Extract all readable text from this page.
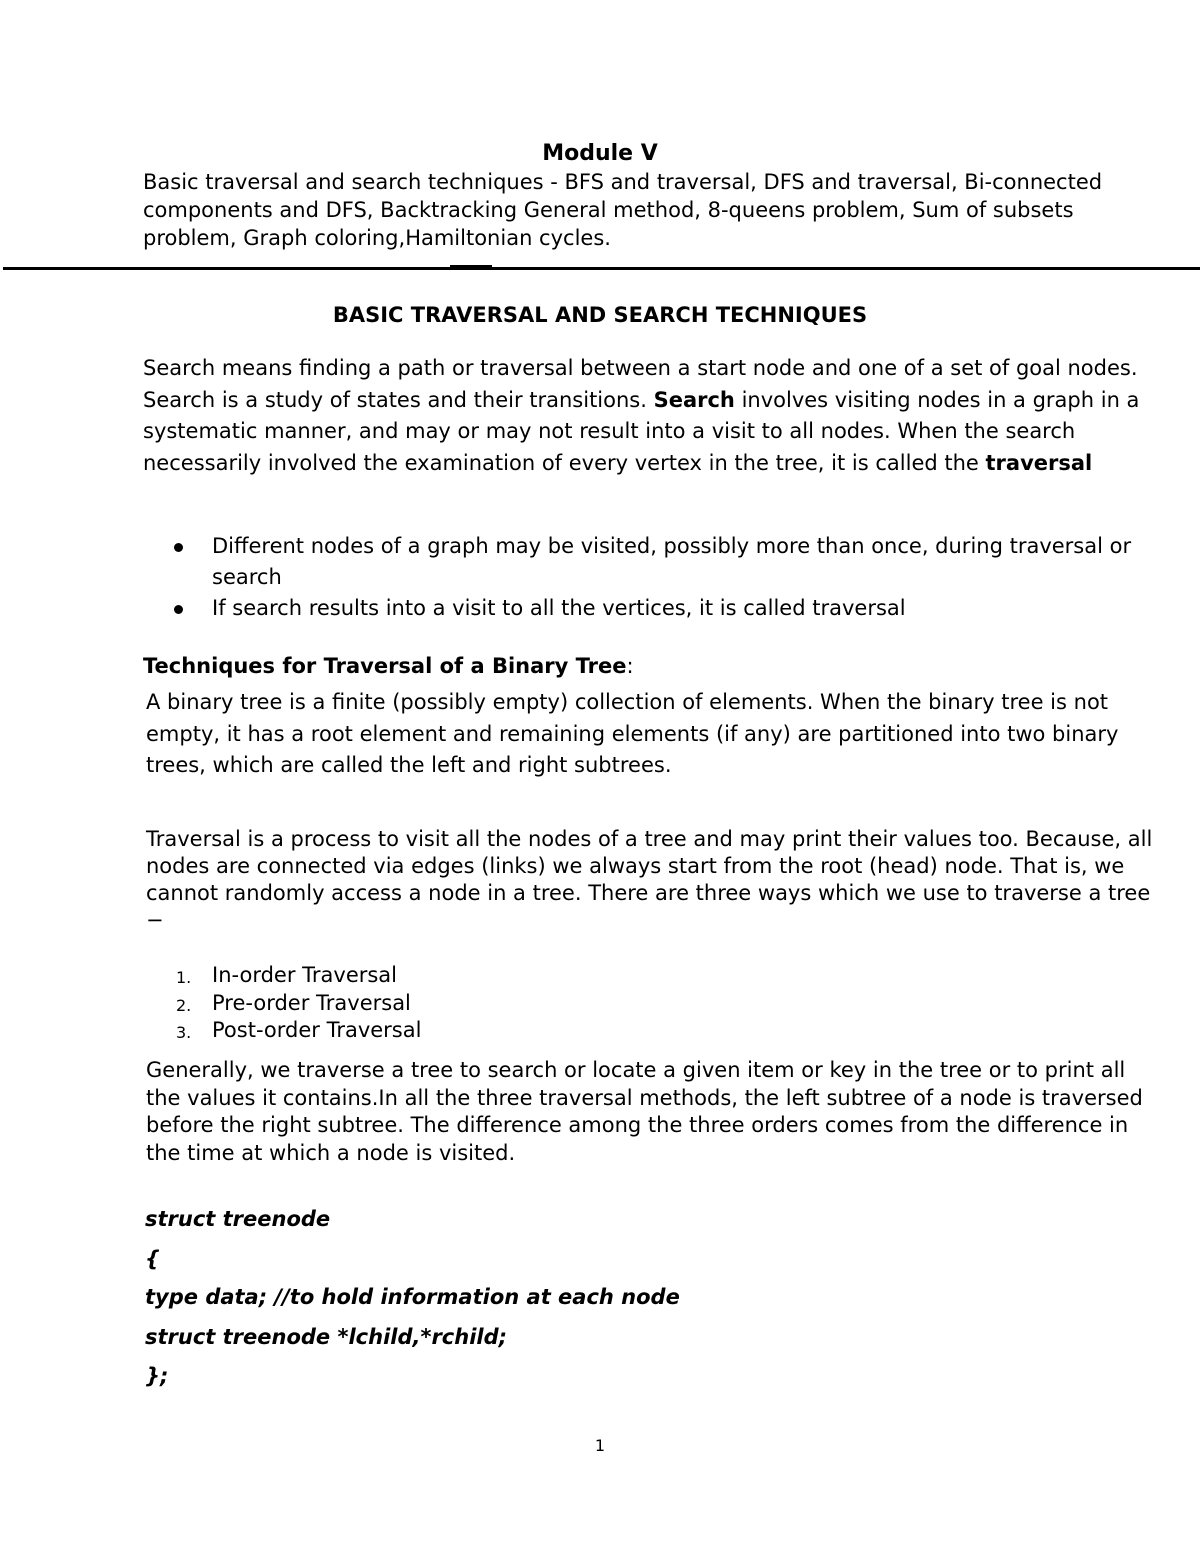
Module V

Basic traversal and search techniques - BFS and traversal, DFS and traversal, Bi-connected components and DFS, Backtracking General method, 8-queens problem, Sum of subsets problem, Graph coloring,Hamiltonian cycles.

BASIC TRAVERSAL AND SEARCH TECHNIQUES

Search means finding a path or traversal between a start node and one of a set of goal nodes. Search is a study of states and their transitions. Search involves visiting nodes in a graph in a systematic manner, and may or may not result into a visit to all nodes. When the search necessarily involved the examination of every vertex in the tree, it is called the traversal

Different nodes of a graph may be visited, possibly more than once, during traversal or search
If search results into a visit to all the vertices, it is called traversal
Techniques for Traversal of a Binary Tree:

A binary tree is a finite (possibly empty) collection of elements. When the binary tree is not empty, it has a root element and remaining elements (if any) are partitioned into two binary trees, which are called the left and right subtrees.

Traversal is a process to visit all the nodes of a tree and may print their values too. Because, all nodes are connected via edges (links) we always start from the root (head) node. That is, we cannot randomly access a node in a tree. There are three ways which we use to traverse a tree −

1. In-order Traversal
2. Pre-order Traversal
3. Post-order Traversal

Generally, we traverse a tree to search or locate a given item or key in the tree or to print all the values it contains.In all the three traversal methods, the left subtree of a node is traversed before the right subtree. The difference among the three orders comes from the difference in the time at which a node is visited.

struct treenode
{
type data; //to hold information at each node
struct treenode *lchild,*rchild;
};
1
